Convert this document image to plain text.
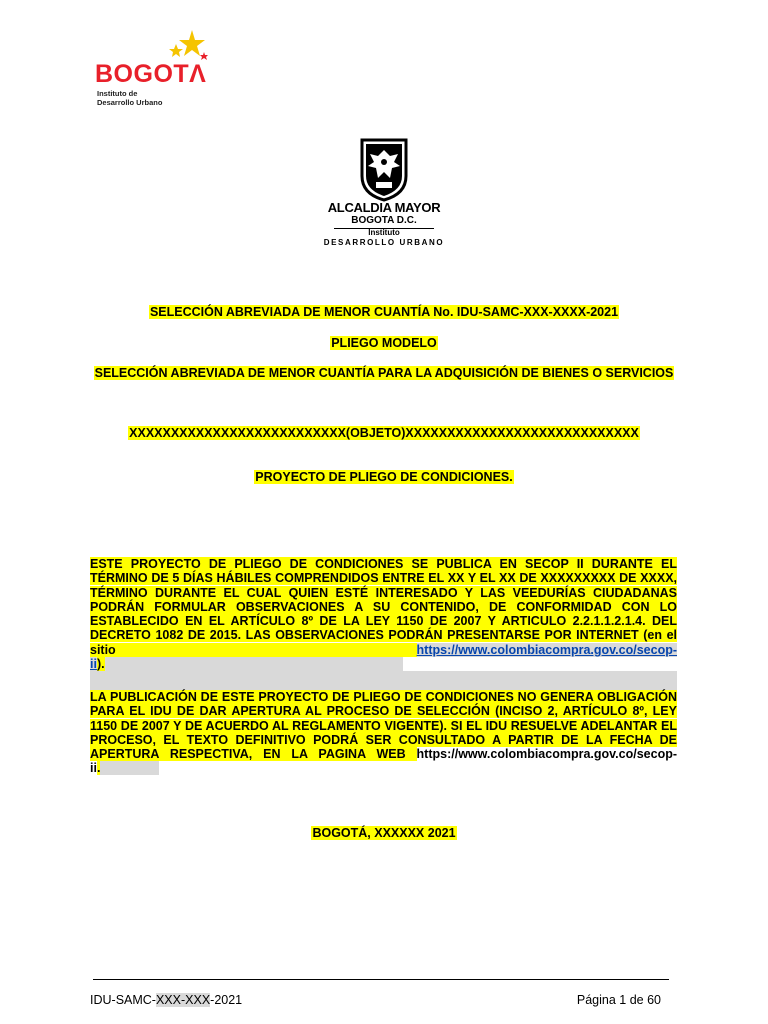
BOGOTΛ
Instituto de
Desarrollo Urbano
ALCALDIA MAYOR
BOGOTA D.C.
Instituto
DESARROLLO URBANO
SELECCIÓN ABREVIADA DE MENOR CUANTÍA No. IDU-SAMC-XXX-XXXX-2021
PLIEGO MODELO
SELECCIÓN ABREVIADA DE MENOR CUANTÍA PARA LA ADQUISICIÓN DE BIENES O SERVICIOS
XXXXXXXXXXXXXXXXXXXXXXXXXX(OBJETO)XXXXXXXXXXXXXXXXXXXXXXXXXXXX
PROYECTO DE PLIEGO DE CONDICIONES.
ESTE PROYECTO DE PLIEGO DE CONDICIONES SE PUBLICA EN SECOP II DURANTE EL TÉRMINO DE 5 DÍAS HÁBILES COMPRENDIDOS ENTRE EL XX Y EL XX DE XXXXXXXXX DE XXXX, TÉRMINO DURANTE EL CUAL QUIEN ESTÉ INTERESADO Y LAS VEEDURÍAS CIUDADANAS PODRÁN FORMULAR OBSERVACIONES A SU CONTENIDO, DE CONFORMIDAD CON LO ESTABLECIDO EN EL ARTÍCULO 8º DE LA LEY 1150 DE 2007 Y ARTICULO 2.2.1.1.2.1.4. DEL DECRETO 1082 DE 2015. LAS OBSERVACIONES PODRÁN PRESENTARSE POR INTERNET (en el sitio https://www.colombiacompra.gov.co/secop-ii).
LA PUBLICACIÓN DE ESTE PROYECTO DE PLIEGO DE CONDICIONES NO GENERA OBLIGACIÓN PARA EL IDU DE DAR APERTURA AL PROCESO DE SELECCIÓN (INCISO 2, ARTÍCULO 8º, LEY 1150 DE 2007 Y DE ACUERDO AL REGLAMENTO VIGENTE). SI EL IDU RESUELVE ADELANTAR EL PROCESO, EL TEXTO DEFINITIVO PODRÁ SER CONSULTADO A PARTIR DE LA FECHA DE APERTURA RESPECTIVA, EN LA PAGINA WEB https://www.colombiacompra.gov.co/secop-ii.
BOGOTÁ, XXXXXX 2021
IDU-SAMC-XXX-XXX-2021	Página 1 de 60
